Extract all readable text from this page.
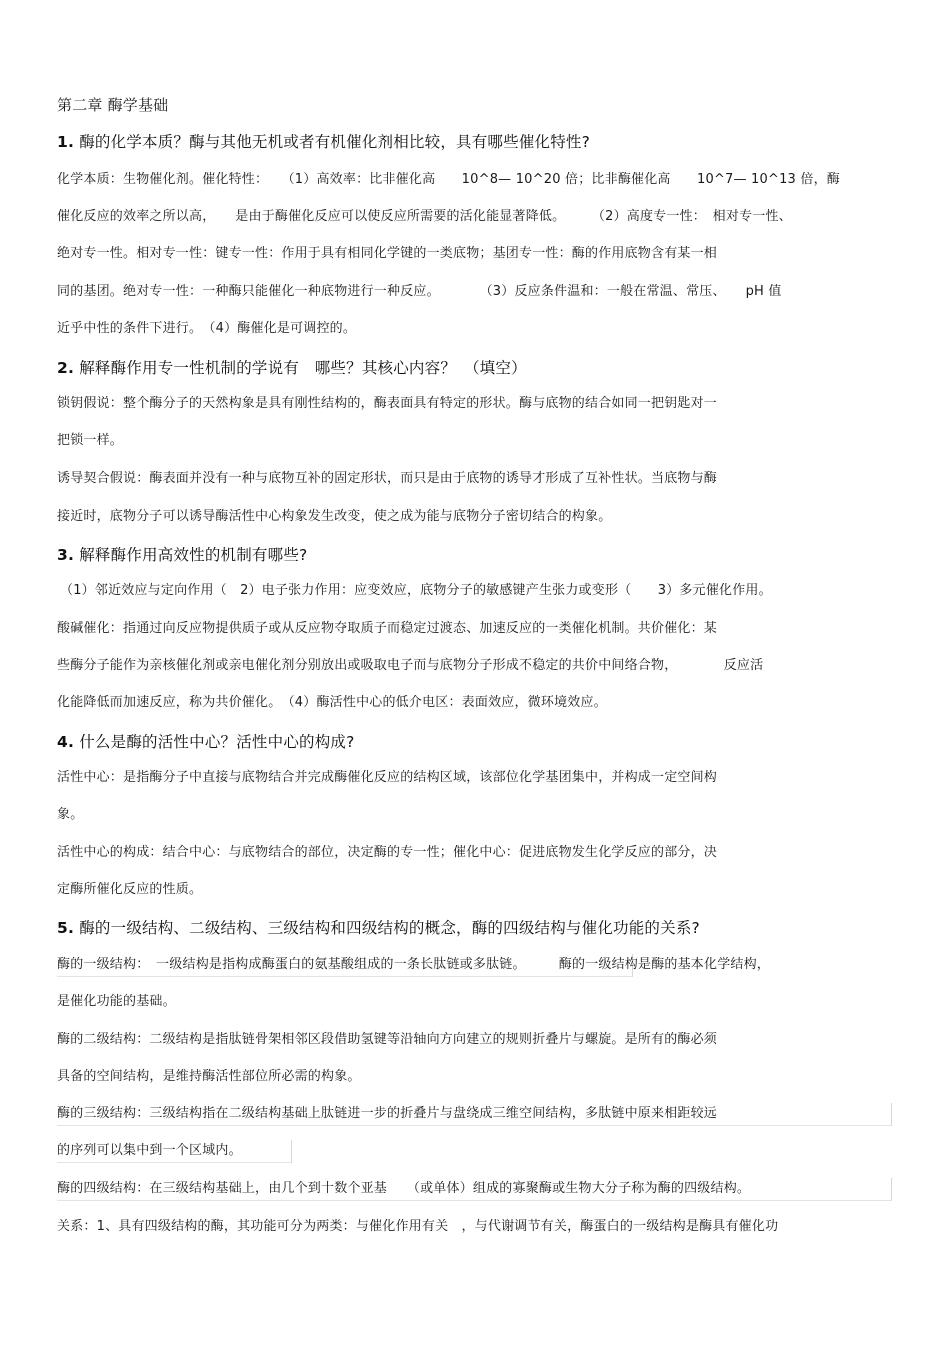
第二章 酶学基础
1. 酶的化学本质？酶与其他无机或者有机催化剂相比较，具有哪些催化特性?
化学本质：生物催化剂。催化特性：　　（1）高效率：比非催化高　　10^8— 10^20 倍；比非酶催化高　　10^7— 10^13 倍，酶
催化反应的效率之所以高，　　是由于酶催化反应可以使反应所需要的活化能显著降低。　　　（2）高度专一性：　相对专一性、
绝对专一性。相对专一性：键专一性：作用于具有相同化学键的一类底物；基团专一性：酶的作用底物含有某一相
同的基团。绝对专一性：一种酶只能催化一种底物进行一种反应。　　　　（3）反应条件温和：一般在常温、常压、　　pH 值
近乎中性的条件下进行。　（4）酶催化是可调控的。
2. 解释酶作用专一性机制的学说有　哪些？其核心内容？　（填空）
锁钥假说：整个酶分子的天然构象是具有刚性结构的，酶表面具有特定的形状。酶与底物的结合如同一把钥匙对一
把锁一样。
诱导契合假说：酶表面并没有一种与底物互补的固定形状，而只是由于底物的诱导才形成了互补性状。当底物与酶
接近时，底物分子可以诱导酶活性中心构象发生改变，使之成为能与底物分子密切结合的构象。
3. 解释酶作用高效性的机制有哪些?
（1）邻近效应与定向作用（　2）电子张力作用：应变效应，底物分子的敏感键产生张力或变形（　　3）多元催化作用。
酸碱催化：指通过向反应物提供质子或从反应物夺取质子而稳定过渡态、加速反应的一类催化机制。共价催化：某
些酶分子能作为亲核催化剂或亲电催化剂分别放出或吸取电子而与底物分子形成不稳定的共价中间络合物，　　　　反应活
化能降低而加速反应，称为共价催化。　（4）酶活性中心的低介电区：表面效应，微环境效应。
4. 什么是酶的活性中心？活性中心的构成?
活性中心：是指酶分子中直接与底物结合并完成酶催化反应的结构区域，该部位化学基团集中，并构成一定空间构
象。
活性中心的构成：结合中心：与底物结合的部位，决定酶的专一性；催化中心：促进底物发生化学反应的部分，决
定酶所催化反应的性质。
5. 酶的一级结构、二级结构、三级结构和四级结构的概念，酶的四级结构与催化功能的关系?
酶的一级结构：　一级结构是指构成酶蛋白的氨基酸组成的一条长肽链或多肽链。　　　酶的一级结构是酶的基本化学结构，
是催化功能的基础。
酶的二级结构：二级结构是指肽链骨架相邻区段借助氢键等沿轴向方向建立的规则折叠片与螺旋。是所有的酶必须
具备的空间结构，是维持酶活性部位所必需的构象。
酶的三级结构：三级结构指在二级结构基础上肽链进一步的折叠片与盘绕成三维空间结构，多肽链中原来相距较远
的序列可以集中到一个区域内。
酶的四级结构：在三级结构基础上，由几个到十数个亚基　　（或单体）组成的寡聚酶或生物大分子称为酶的四级结构。
关系：1、具有四级结构的酶，其功能可分为两类：与催化作用有关　，与代谢调节有关，酶蛋白的一级结构是酶具有催化功
